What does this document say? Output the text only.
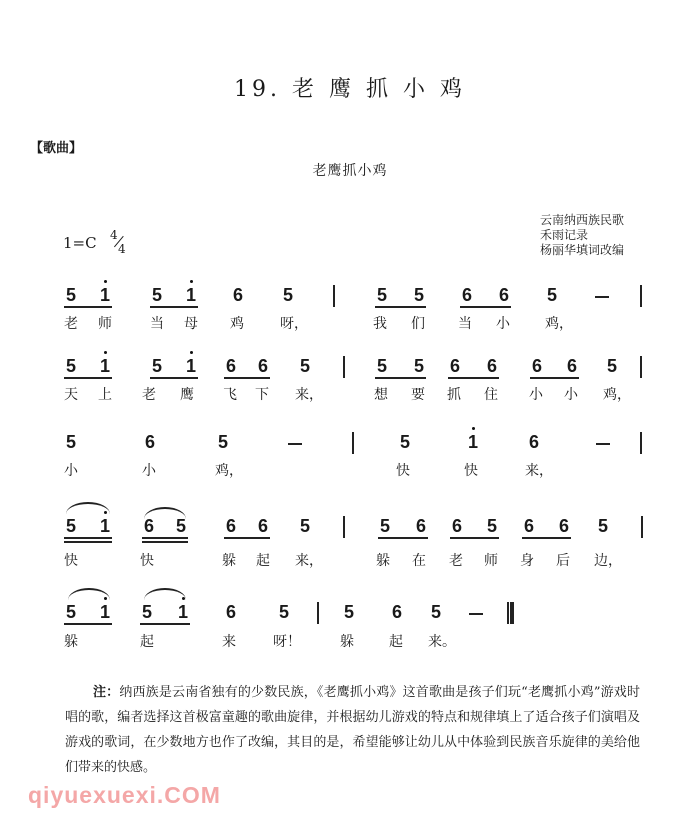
19. 老 鹰 抓 小 鸡
【歌曲】
老鹰抓小鸡
云南纳西族民歌
禾雨记录
杨丽华填词改编
1=C 4
4
5 1 5 1 6 5	5 5 6 6 5
老 师	当 母 鸡	呀，	我 们 当 小	鸡，
5 1 5 1 6 6 5	5 5 6 6 6 6 5
天 上 老 鹰 飞 下 来，	想 要 抓 住 小 小 鸡，
5	6	5	5	1	6
小	小	鸡，	快	快	来，
5 1 6 5 6 6 5	5 6 6 5 6 6 5
快	快	躲 起 来，	躲 在 老 师 身 后 边，
5 1 5 1 6 5	5 6 5
躲	起	来	呀！	躲	起 来。
注：纳西族是云南省独有的少数民族，《老鹰抓小鸡》这首歌曲是孩子们玩“老鹰抓小鸡”游戏时唱的歌，编者选择这首极富童趣的歌曲旋律，并根据幼儿游戏的特点和规律填上了适合孩子们演唱及游戏的歌词，在少数地方也作了改编，其目的是，希望能够让幼儿从中体验到民族音乐旋律的美给他们带来的快感。
qiyuexuexi.COM
